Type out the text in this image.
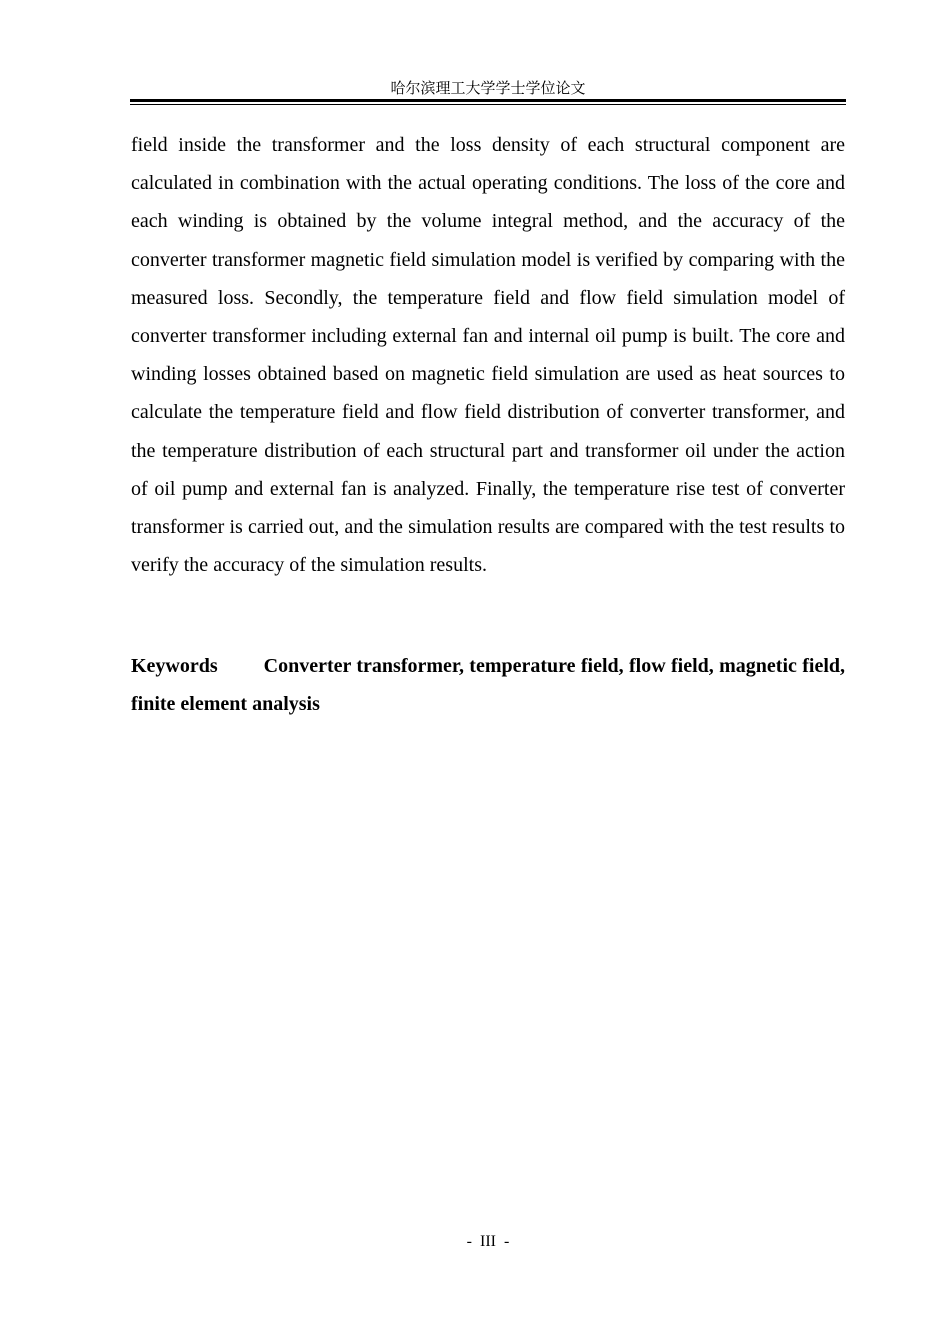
哈尔滨理工大学学士学位论文

field inside the transformer and the loss density of each structural component are calculated in combination with the actual operating conditions. The loss of the core and each winding is obtained by the volume integral method, and the accuracy of the converter transformer magnetic field simulation model is verified by comparing with the measured loss. Secondly, the temperature field and flow field simulation model of converter transformer including external fan and internal oil pump is built. The core and winding losses obtained based on magnetic field simulation are used as heat sources to calculate the temperature field and flow field distribution of converter transformer, and the temperature distribution of each structural part and transformer oil under the action of oil pump and external fan is analyzed. Finally, the temperature rise test of converter transformer is carried out, and the simulation results are compared with the test results to verify the accuracy of the simulation results.

Keywords Converter transformer, temperature field, flow field, magnetic field, finite element analysis

- III -
